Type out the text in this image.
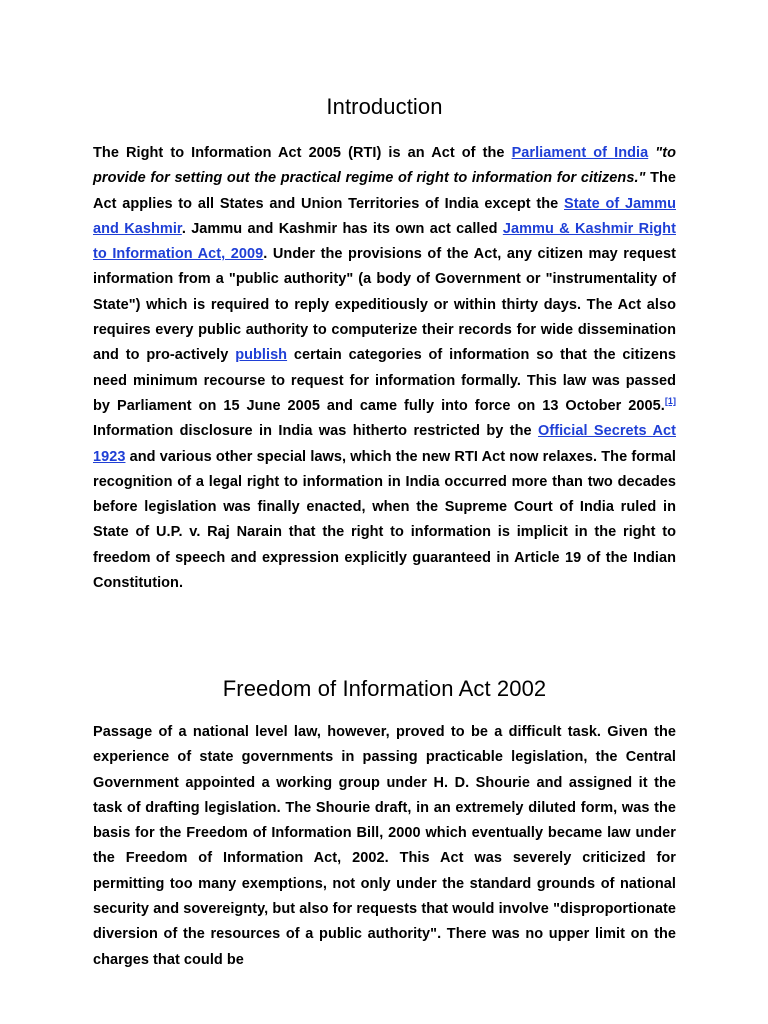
Introduction
The Right to Information Act 2005 (RTI) is an Act of the Parliament of India "to provide for setting out the practical regime of right to information for citizens." The Act applies to all States and Union Territories of India except the State of Jammu and Kashmir. Jammu and Kashmir has its own act called Jammu & Kashmir Right to Information Act, 2009. Under the provisions of the Act, any citizen may request information from a "public authority" (a body of Government or "instrumentality of State") which is required to reply expeditiously or within thirty days. The Act also requires every public authority to computerize their records for wide dissemination and to pro-actively publish certain categories of information so that the citizens need minimum recourse to request for information formally. This law was passed by Parliament on 15 June 2005 and came fully into force on 13 October 2005.[1] Information disclosure in India was hitherto restricted by the Official Secrets Act 1923 and various other special laws, which the new RTI Act now relaxes. The formal recognition of a legal right to information in India occurred more than two decades before legislation was finally enacted, when the Supreme Court of India ruled in State of U.P. v. Raj Narain that the right to information is implicit in the right to freedom of speech and expression explicitly guaranteed in Article 19 of the Indian Constitution.
Freedom of Information Act 2002
Passage of a national level law, however, proved to be a difficult task. Given the experience of state governments in passing practicable legislation, the Central Government appointed a working group under H. D. Shourie and assigned it the task of drafting legislation. The Shourie draft, in an extremely diluted form, was the basis for the Freedom of Information Bill, 2000 which eventually became law under the Freedom of Information Act, 2002. This Act was severely criticized for permitting too many exemptions, not only under the standard grounds of national security and sovereignty, but also for requests that would involve "disproportionate diversion of the resources of a public authority". There was no upper limit on the charges that could be
